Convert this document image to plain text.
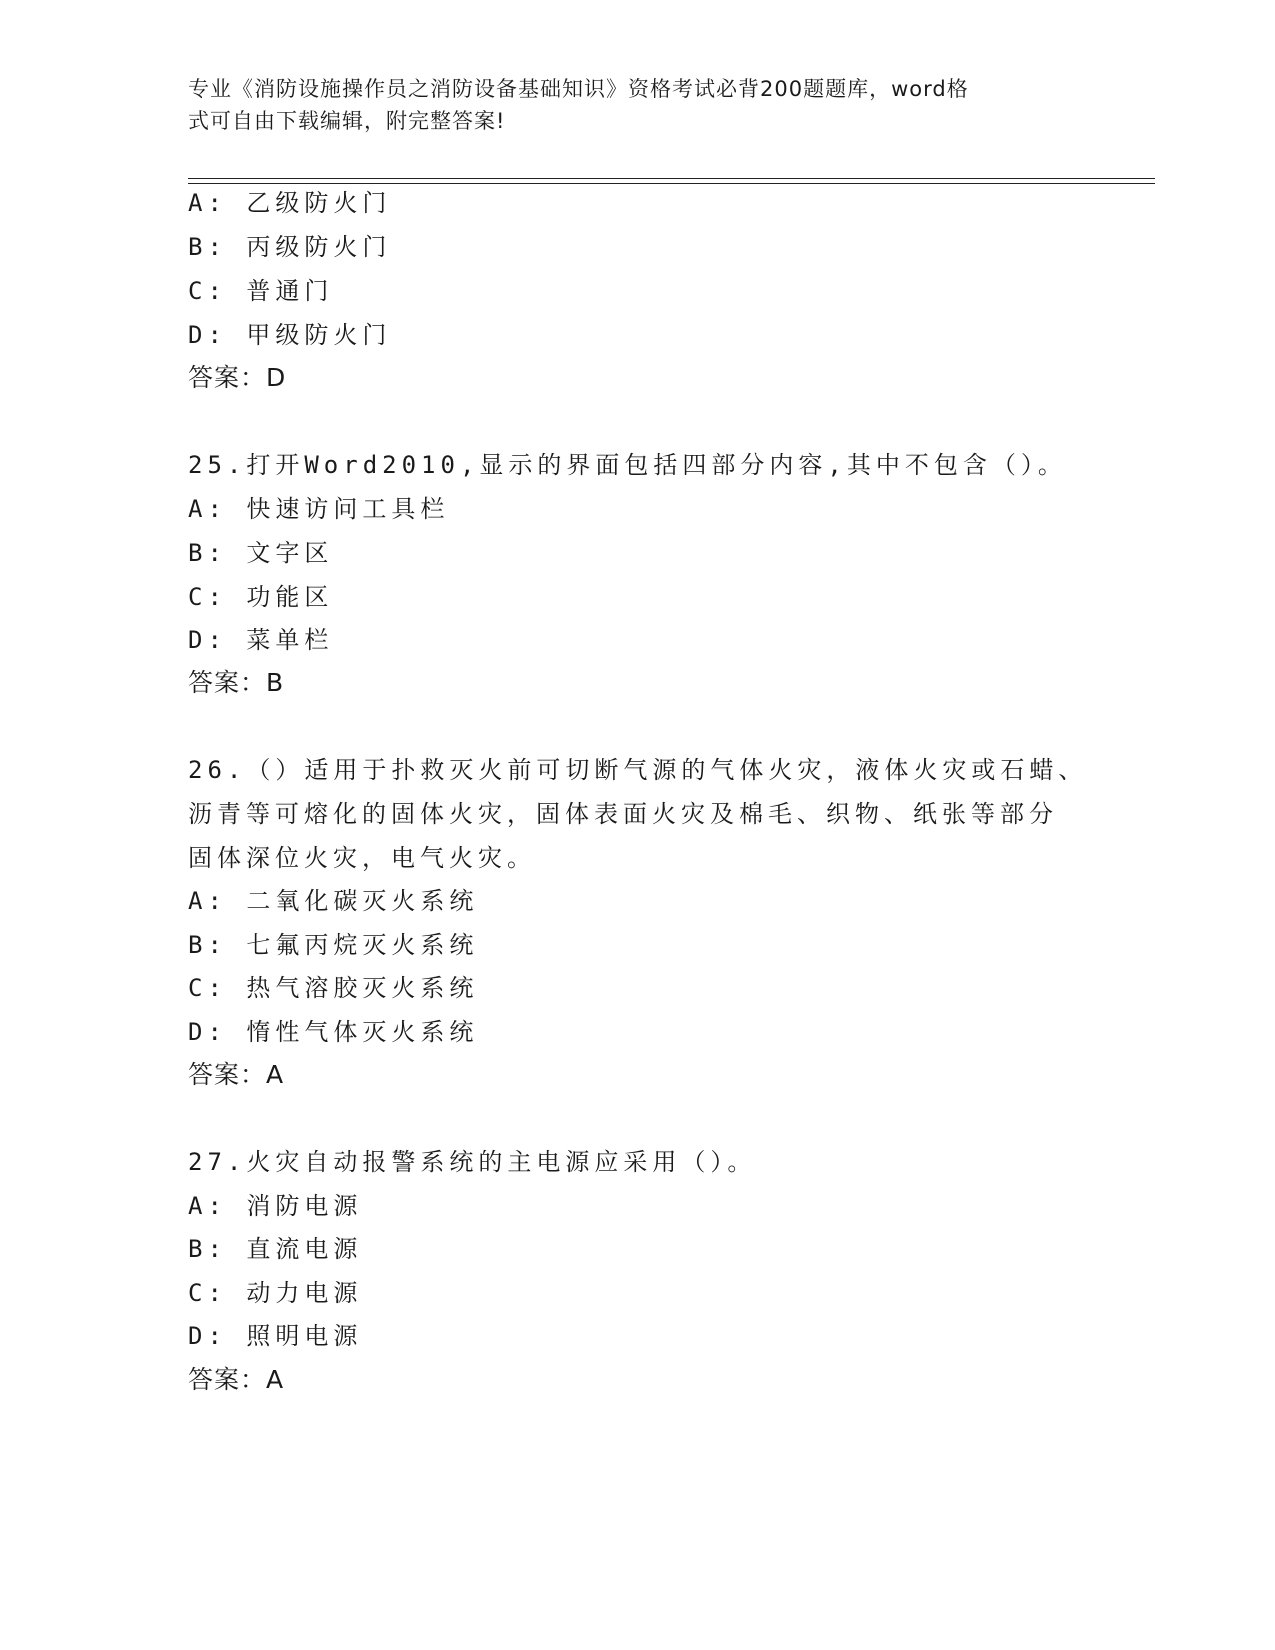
专业《消防设施操作员之消防设备基础知识》资格考试必背200题题库，word格
式可自由下载编辑，附完整答案!
A: 乙级防火门
B: 丙级防火门
C: 普通门
D: 甲级防火门
答案：D
25.打开Word2010,显示的界面包括四部分内容,其中不包含（）。
A: 快速访问工具栏
B: 文字区
C: 功能区
D: 菜单栏
答案：B
26.（）适用于扑救灭火前可切断气源的气体火灾，液体火灾或石蜡、
沥青等可熔化的固体火灾，固体表面火灾及棉毛、织物、纸张等部分
固体深位火灾，电气火灾。
A: 二氧化碳灭火系统
B: 七氟丙烷灭火系统
C: 热气溶胶灭火系统
D: 惰性气体灭火系统
答案：A
27.火灾自动报警系统的主电源应采用（）。
A: 消防电源
B: 直流电源
C: 动力电源
D: 照明电源
答案：A
